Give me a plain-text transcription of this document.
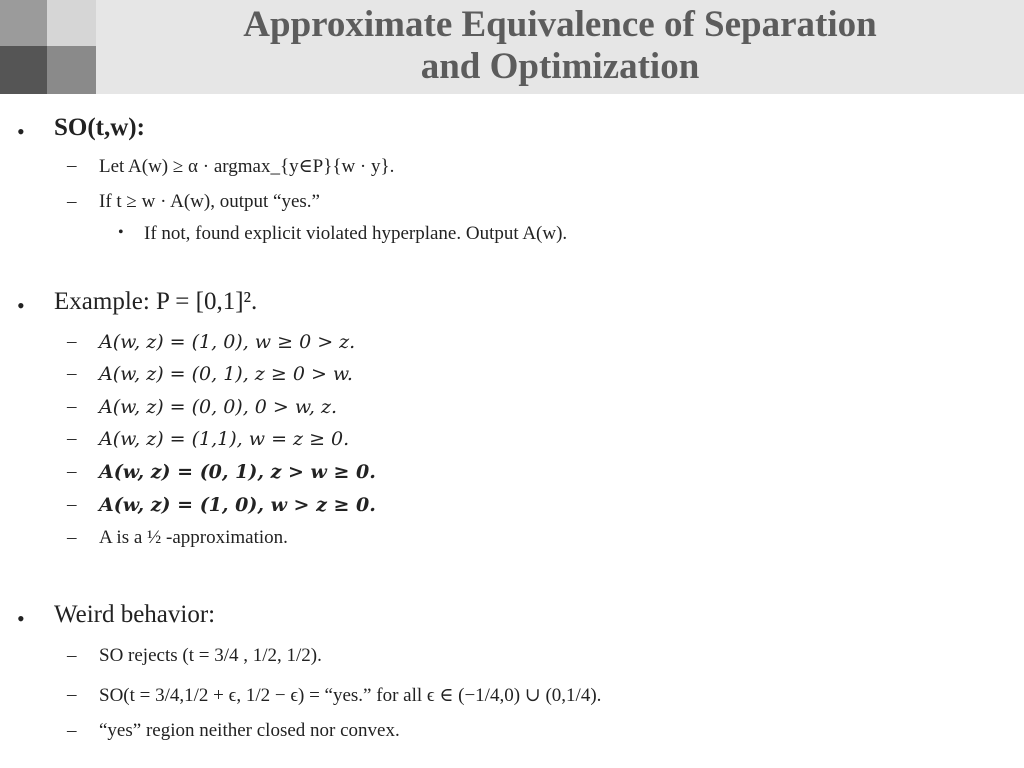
Approximate Equivalence of Separation
and Optimization
• SO(t,w):
– Let A(w) ≥ α · argmax_{y∈P}{w · y}.
– If t ≥ w · A(w), output “yes.”
• If not, found explicit violated hyperplane. Output A(w).
• Example: P = [0,1]².
– A(w, z) = (1, 0), w ≥ 0 > z.
– A(w, z) = (0, 1), z ≥ 0 > w.
– A(w, z) = (0, 0), 0 > w, z.
– A(w, z) = (1,1), w = z ≥ 0.
– A(w, z) = (0, 1), z > w ≥ 0.
– A(w, z) = (1, 0), w > z ≥ 0.
– A is a ½ -approximation.
• Weird behavior:
– SO rejects (t = 3/4 , 1/2, 1/2).
– SO(t = 3/4,1/2 + ϵ, 1/2 − ϵ) = “yes.” for all ϵ ∈ (−1/4,0) ∪ (0,1/4).
– “yes” region neither closed nor convex.
